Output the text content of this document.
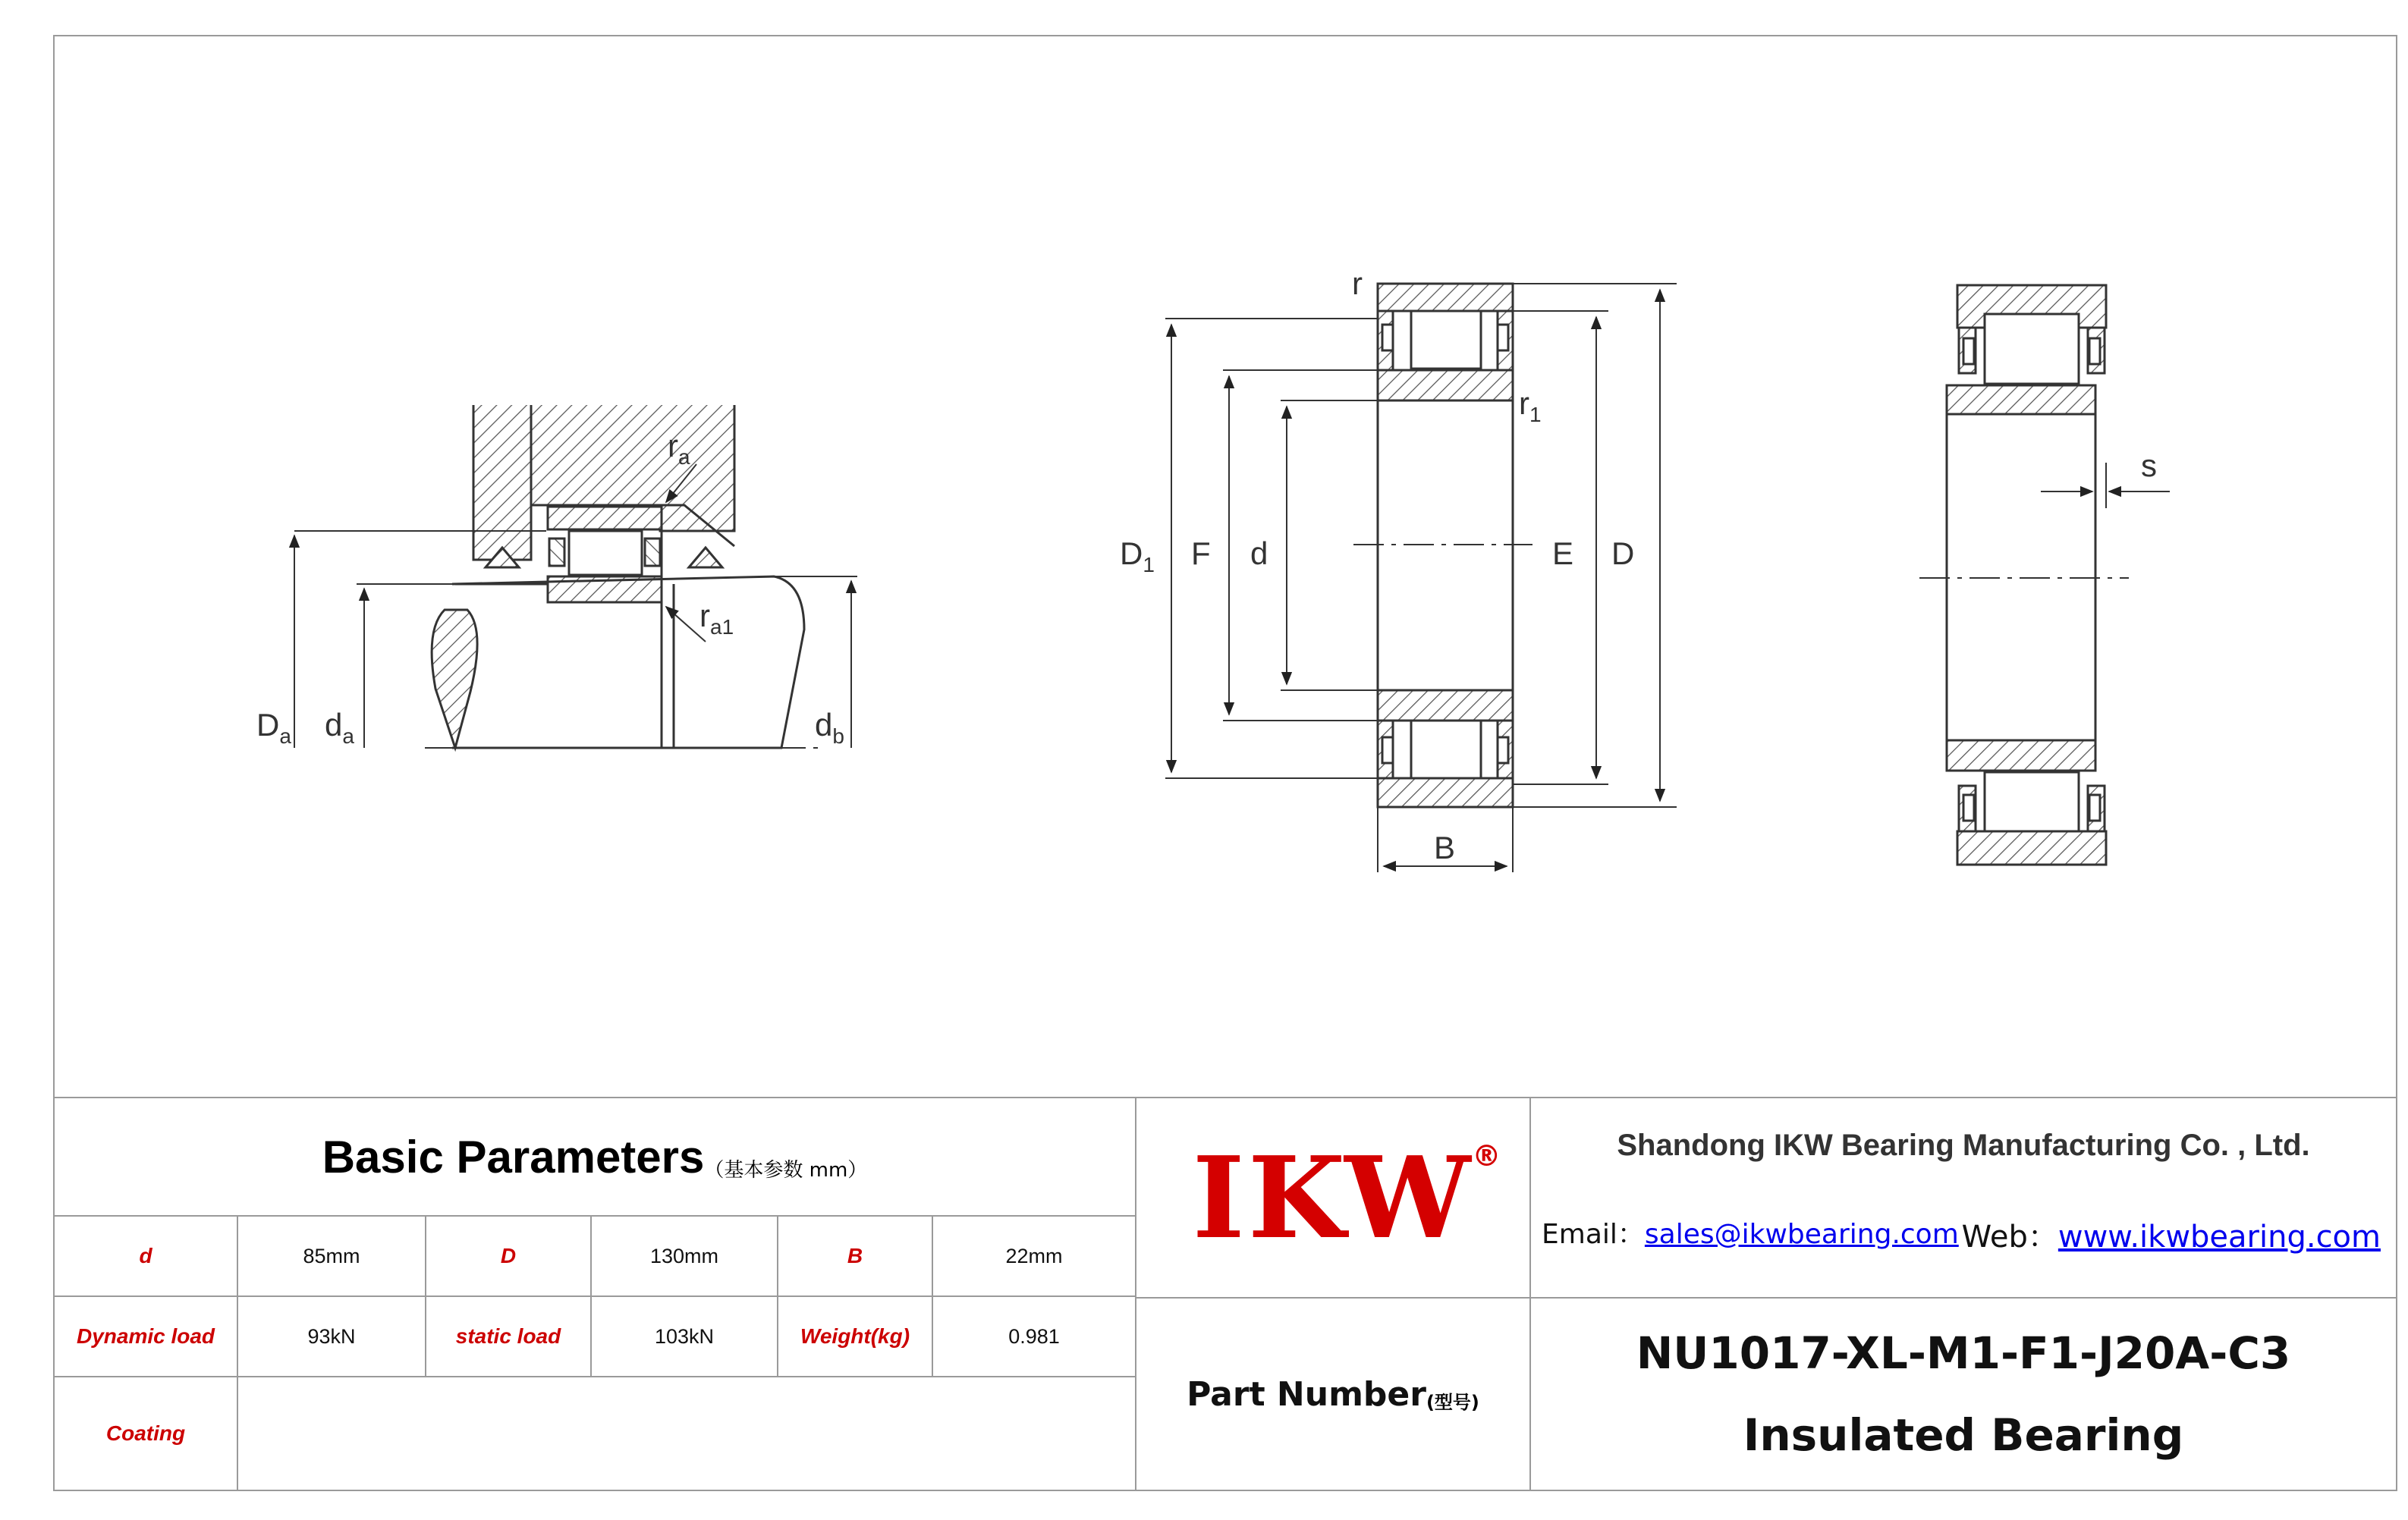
$D_a$ $d_a$	$d_b$
$r_a$
$r_{a1}$
r
$r_1$
$D_1$ F d	E D
B
s
Basic Parameters （基本参数 mm）
d	85mm	D	130mm	B	22mm
Dynamic load	93kN	static load	103kN	Weight(kg)	0.981
Coating
IKW
®
Part Number (型号)
Shandong IKW Bearing Manufacturing Co. , Ltd.
Email：sales@ikwbearing.com Web：www.ikwbearing.com
NU1017-XL-M1-F1-J20A-C3
Insulated Bearing
